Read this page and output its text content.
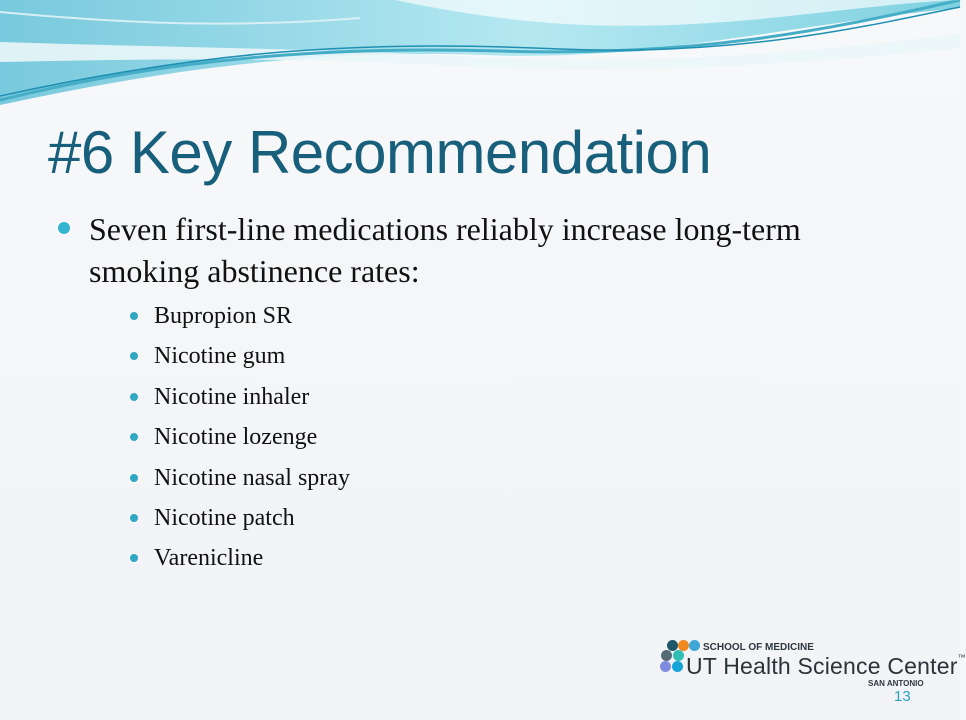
#6 Key Recommendation
Seven first-line medications reliably increase long-term smoking abstinence rates:
Bupropion SR
Nicotine gum
Nicotine inhaler
Nicotine lozenge
Nicotine nasal spray
Nicotine patch
Varenicline
SCHOOL OF MEDICINE
UT Health Science Center™
SAN ANTONIO
13
